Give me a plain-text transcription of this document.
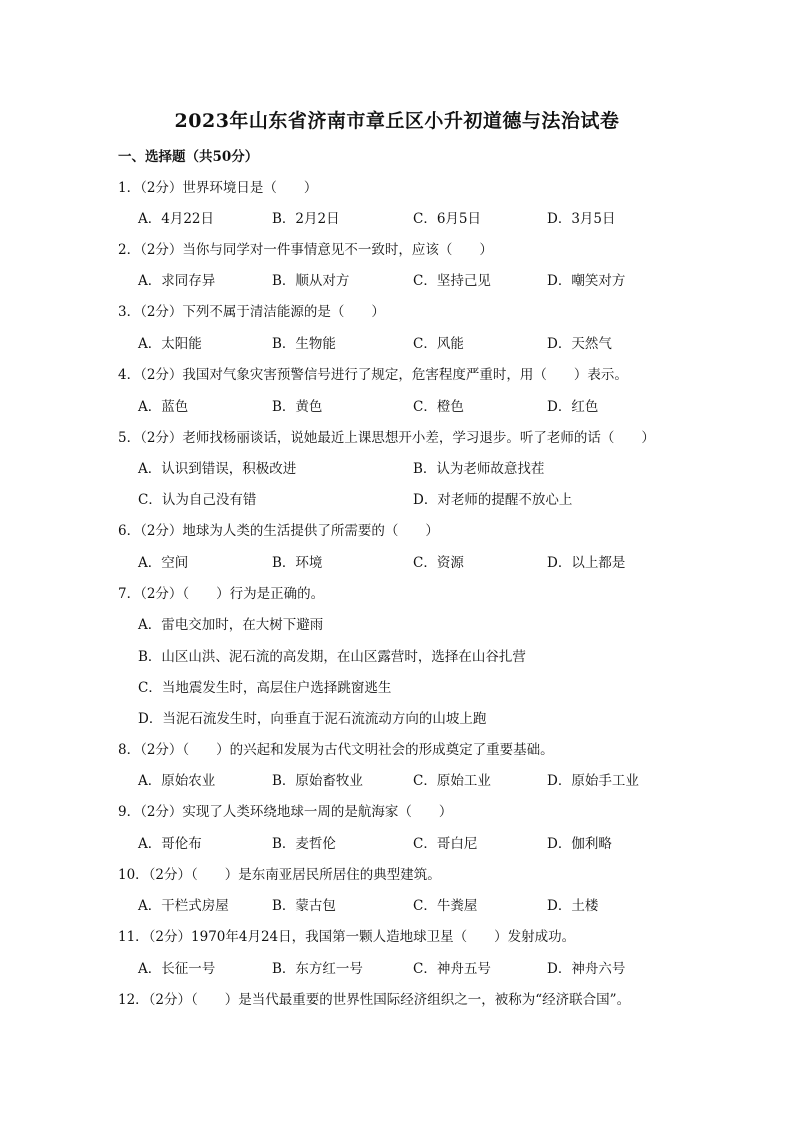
2023年山东省济南市章丘区小升初道德与法治试卷
一、选择题（共50分）
1．（2分）世界环境日是（　　）
A．4月22日	B．2月2日	C．6月5日	D．3月5日
2．（2分）当你与同学对一件事情意见不一致时，应该（　　）
A．求同存异	B．顺从对方	C．坚持己见	D．嘲笑对方
3．（2分）下列不属于清洁能源的是（　　）
A．太阳能	B．生物能	C．风能	D．天然气
4．（2分）我国对气象灾害预警信号进行了规定，危害程度严重时，用（　　）表示。
A．蓝色	B．黄色	C．橙色	D．红色
5．（2分）老师找杨丽谈话，说她最近上课思想开小差，学习退步。听了老师的话（　　）
A．认识到错误，积极改进	B．认为老师故意找茬
C．认为自己没有错	D．对老师的提醒不放心上
6．（2分）地球为人类的生活提供了所需要的（　　）
A．空间	B．环境	C．资源	D．以上都是
7．（2分）（　　）行为是正确的。
A．雷电交加时，在大树下避雨
B．山区山洪、泥石流的高发期，在山区露营时，选择在山谷扎营
C．当地震发生时，高层住户选择跳窗逃生
D．当泥石流发生时，向垂直于泥石流流动方向的山坡上跑
8．（2分）（　　）的兴起和发展为古代文明社会的形成奠定了重要基础。
A．原始农业	B．原始畜牧业	C．原始工业	D．原始手工业
9．（2分）实现了人类环绕地球一周的是航海家（　　）
A．哥伦布	B．麦哲伦	C．哥白尼	D．伽利略
10．（2分）（　　）是东南亚居民所居住的典型建筑。
A．干栏式房屋	B．蒙古包	C．牛粪屋	D．土楼
11．（2分）1970年4月24日，我国第一颗人造地球卫星（　　）发射成功。
A．长征一号	B．东方红一号	C．神舟五号	D．神舟六号
12．（2分）（　　）是当代最重要的世界性国际经济组织之一，被称为“经济联合国”。
